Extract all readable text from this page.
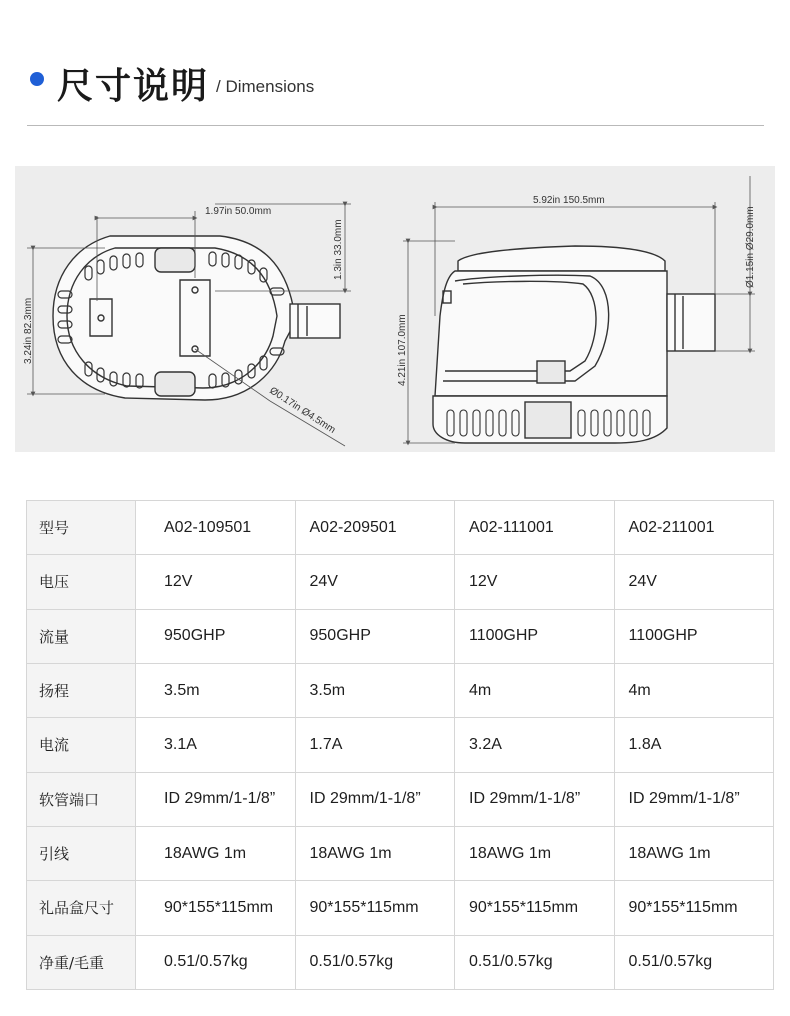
尺寸说明 / Dimensions
1.97in 50.0mm
3.24in 82.3mm
1.3in 33.0mm
Ø0.17in Ø4.5mm
5.92in 150.5mm
4.21in 107.0mm
Ø1.15in Ø29.0mm
型号	A02-109501	A02-209501	A02-111001	A02-211001
电压	12V	24V	12V	24V
流量	950GHP	950GHP	1100GHP	1100GHP
扬程	3.5m	3.5m	4m	4m
电流	3.1A	1.7A	3.2A	1.8A
软管端口	ID 29mm/1-1/8”	ID 29mm/1-1/8”	ID 29mm/1-1/8”	ID 29mm/1-1/8”
引线	18AWG 1m	18AWG 1m	18AWG 1m	18AWG 1m
礼品盒尺寸	90*155*115mm	90*155*115mm	90*155*115mm	90*155*115mm
净重/毛重	0.51/0.57kg	0.51/0.57kg	0.51/0.57kg	0.51/0.57kg
